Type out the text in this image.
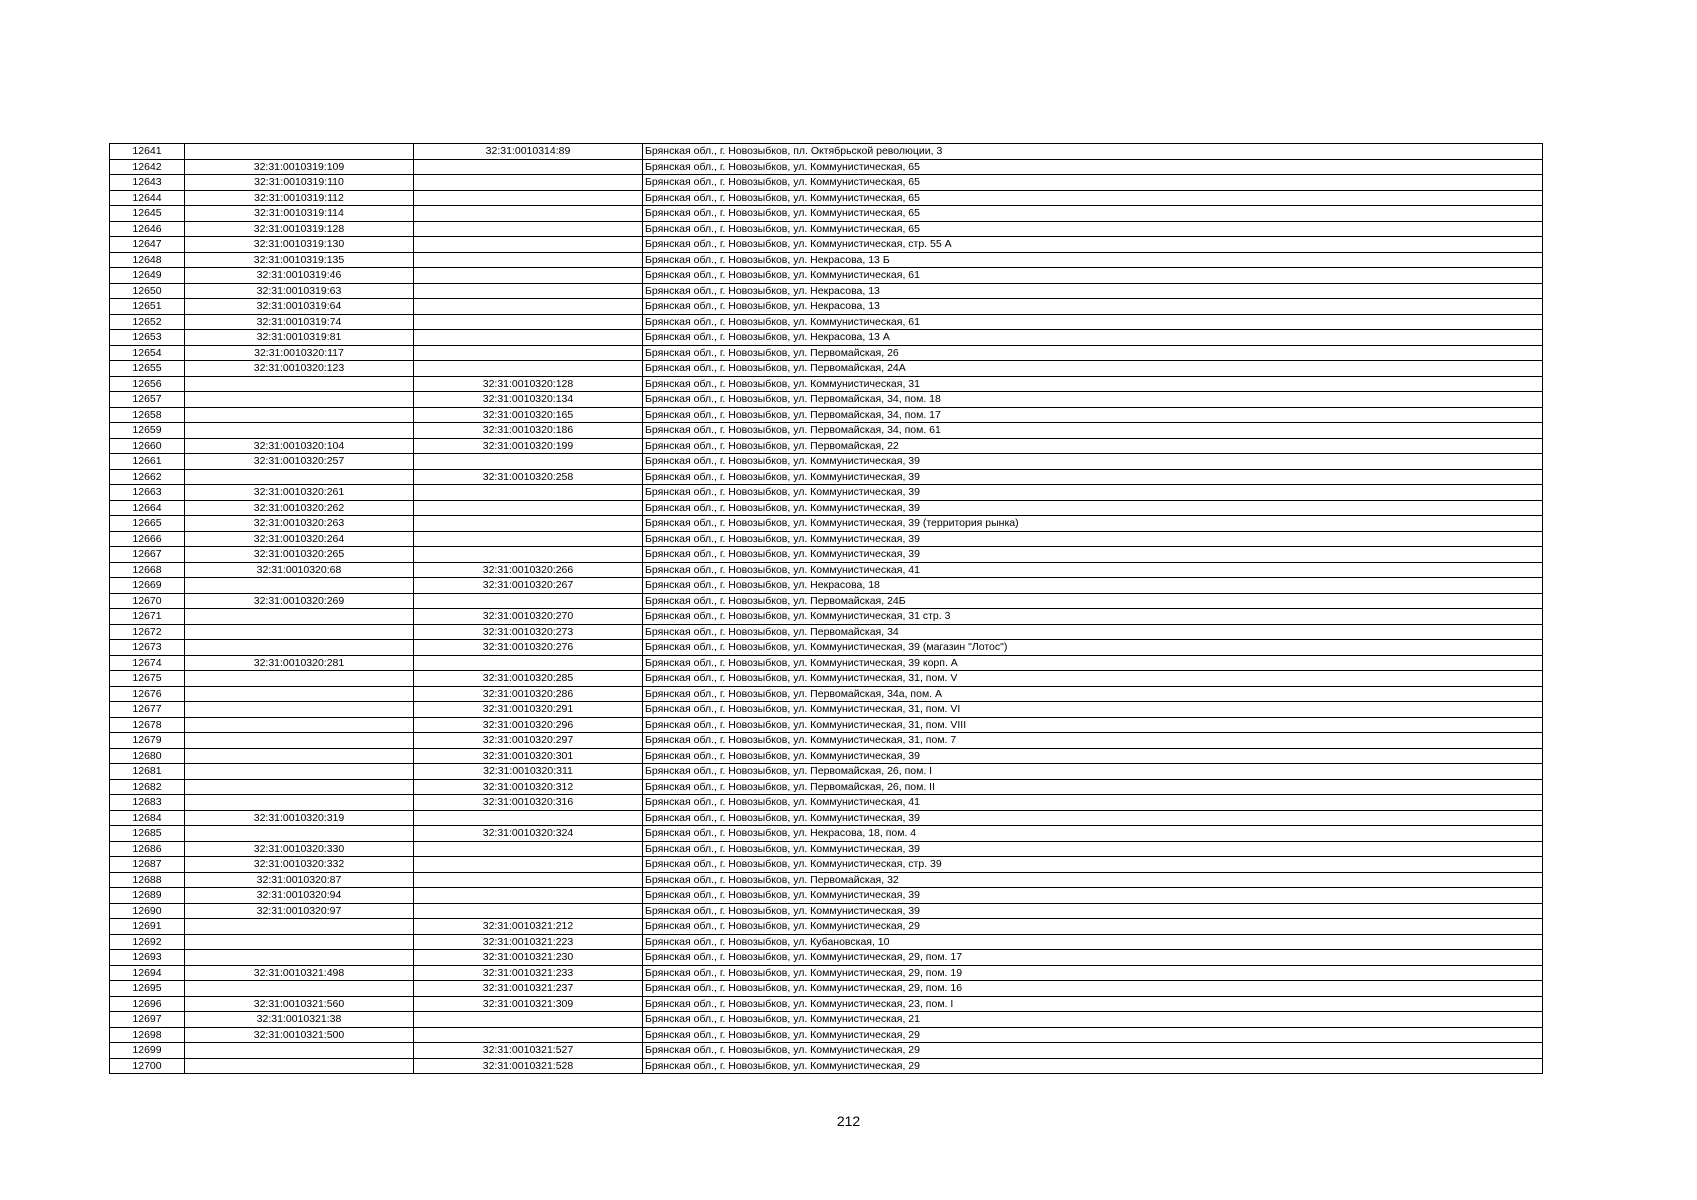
12641		32:31:0010314:89	Брянская обл., г. Новозыбков, пл. Октябрьской революции, 3
12642	32:31:0010319:109		Брянская обл., г. Новозыбков, ул. Коммунистическая, 65
12643	32:31:0010319:110		Брянская обл., г. Новозыбков, ул. Коммунистическая, 65
12644	32:31:0010319:112		Брянская обл., г. Новозыбков, ул. Коммунистическая, 65
12645	32:31:0010319:114		Брянская обл., г. Новозыбков, ул. Коммунистическая, 65
12646	32:31:0010319:128		Брянская обл., г. Новозыбков, ул. Коммунистическая, 65
12647	32:31:0010319:130		Брянская обл., г. Новозыбков, ул. Коммунистическая, стр. 55 А
12648	32:31:0010319:135		Брянская обл., г. Новозыбков, ул. Некрасова, 13 Б
12649	32:31:0010319:46		Брянская обл., г. Новозыбков, ул. Коммунистическая, 61
12650	32:31:0010319:63		Брянская обл., г. Новозыбков, ул. Некрасова, 13
12651	32:31:0010319:64		Брянская обл., г. Новозыбков, ул. Некрасова, 13
12652	32:31:0010319:74		Брянская обл., г. Новозыбков, ул. Коммунистическая, 61
12653	32:31:0010319:81		Брянская обл., г. Новозыбков, ул. Некрасова, 13 А
12654	32:31:0010320:117		Брянская обл., г. Новозыбков, ул. Первомайская, 26
12655	32:31:0010320:123		Брянская обл., г. Новозыбков, ул. Первомайская, 24А
12656		32:31:0010320:128	Брянская обл., г. Новозыбков, ул. Коммунистическая, 31
12657		32:31:0010320:134	Брянская обл., г. Новозыбков, ул. Первомайская, 34, пом. 18
12658		32:31:0010320:165	Брянская обл., г. Новозыбков, ул. Первомайская, 34, пом. 17
12659		32:31:0010320:186	Брянская обл., г. Новозыбков, ул. Первомайская, 34, пом. 61
12660	32:31:0010320:104	32:31:0010320:199	Брянская обл., г. Новозыбков, ул. Первомайская, 22
12661	32:31:0010320:257		Брянская обл., г. Новозыбков, ул. Коммунистическая, 39
12662		32:31:0010320:258	Брянская обл., г. Новозыбков, ул. Коммунистическая, 39
12663	32:31:0010320:261		Брянская обл., г. Новозыбков, ул. Коммунистическая, 39
12664	32:31:0010320:262		Брянская обл., г. Новозыбков, ул. Коммунистическая, 39
12665	32:31:0010320:263		Брянская обл., г. Новозыбков, ул. Коммунистическая, 39 (территория рынка)
12666	32:31:0010320:264		Брянская обл., г. Новозыбков, ул. Коммунистическая, 39
12667	32:31:0010320:265		Брянская обл., г. Новозыбков, ул. Коммунистическая, 39
12668	32:31:0010320:68	32:31:0010320:266	Брянская обл., г. Новозыбков, ул. Коммунистическая, 41
12669		32:31:0010320:267	Брянская обл., г. Новозыбков, ул. Некрасова, 18
12670	32:31:0010320:269		Брянская обл., г. Новозыбков, ул. Первомайская, 24Б
12671		32:31:0010320:270	Брянская обл., г. Новозыбков, ул. Коммунистическая, 31 стр. 3
12672		32:31:0010320:273	Брянская обл., г. Новозыбков, ул. Первомайская, 34
12673		32:31:0010320:276	Брянская обл., г. Новозыбков, ул. Коммунистическая, 39 (магазин "Лотос")
12674	32:31:0010320:281		Брянская обл., г. Новозыбков, ул. Коммунистическая, 39 корп. А
12675		32:31:0010320:285	Брянская обл., г. Новозыбков, ул. Коммунистическая, 31, пом. V
12676		32:31:0010320:286	Брянская обл., г. Новозыбков, ул. Первомайская, 34а, пом. А
12677		32:31:0010320:291	Брянская обл., г. Новозыбков, ул. Коммунистическая, 31, пом. VI
12678		32:31:0010320:296	Брянская обл., г. Новозыбков, ул. Коммунистическая, 31, пом. VIII
12679		32:31:0010320:297	Брянская обл., г. Новозыбков, ул. Коммунистическая, 31, пом. 7
12680		32:31:0010320:301	Брянская обл., г. Новозыбков, ул. Коммунистическая, 39
12681		32:31:0010320:311	Брянская обл., г. Новозыбков, ул. Первомайская, 26, пом. I
12682		32:31:0010320:312	Брянская обл., г. Новозыбков, ул. Первомайская, 26, пом. II
12683		32:31:0010320:316	Брянская обл., г. Новозыбков, ул. Коммунистическая, 41
12684	32:31:0010320:319		Брянская обл., г. Новозыбков, ул. Коммунистическая, 39
12685		32:31:0010320:324	Брянская обл., г. Новозыбков, ул. Некрасова, 18, пом. 4
12686	32:31:0010320:330		Брянская обл., г. Новозыбков, ул. Коммунистическая, 39
12687	32:31:0010320:332		Брянская обл., г. Новозыбков, ул. Коммунистическая, стр. 39
12688	32:31:0010320:87		Брянская обл., г. Новозыбков, ул. Первомайская, 32
12689	32:31:0010320:94		Брянская обл., г. Новозыбков, ул. Коммунистическая, 39
12690	32:31:0010320:97		Брянская обл., г. Новозыбков, ул. Коммунистическая, 39
12691		32:31:0010321:212	Брянская обл., г. Новозыбков, ул. Коммунистическая, 29
12692		32:31:0010321:223	Брянская обл., г. Новозыбков, ул. Кубановская, 10
12693		32:31:0010321:230	Брянская обл., г. Новозыбков, ул. Коммунистическая, 29, пом. 17
12694	32:31:0010321:498	32:31:0010321:233	Брянская обл., г. Новозыбков, ул. Коммунистическая, 29, пом. 19
12695		32:31:0010321:237	Брянская обл., г. Новозыбков, ул. Коммунистическая, 29, пом. 16
12696	32:31:0010321:560	32:31:0010321:309	Брянская обл., г. Новозыбков, ул. Коммунистическая, 23, пом. I
12697	32:31:0010321:38		Брянская обл., г. Новозыбков, ул. Коммунистическая, 21
12698	32:31:0010321:500		Брянская обл., г. Новозыбков, ул. Коммунистическая, 29
12699		32:31:0010321:527	Брянская обл., г. Новозыбков, ул. Коммунистическая, 29
12700		32:31:0010321:528	Брянская обл., г. Новозыбков, ул. Коммунистическая, 29
212
